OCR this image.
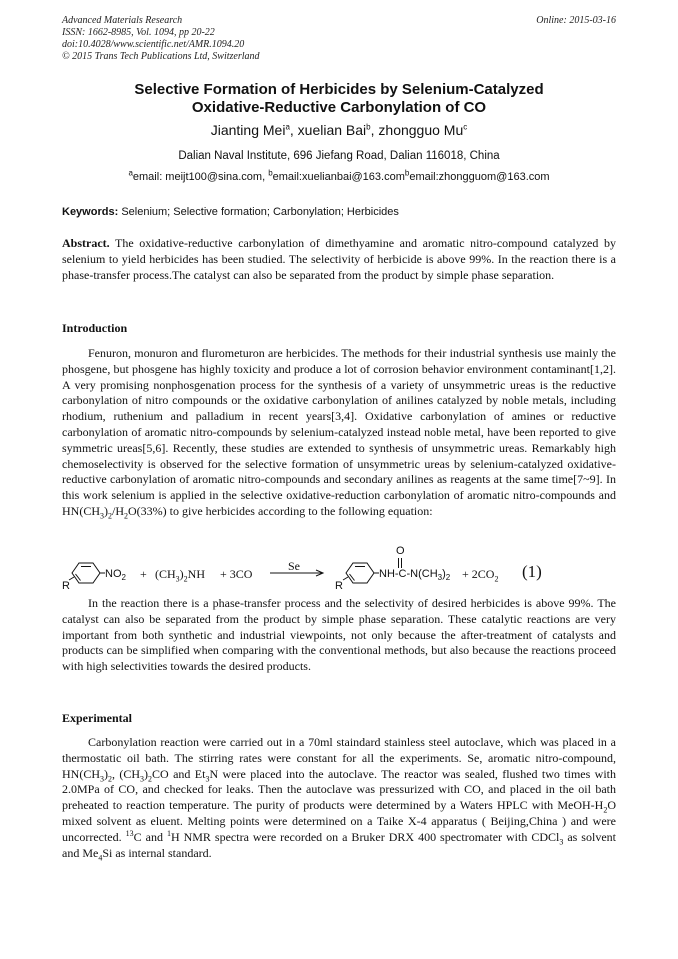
Advanced Materials Research
ISSN: 1662-8985, Vol. 1094, pp 20-22
doi:10.4028/www.scientific.net/AMR.1094.20
© 2015 Trans Tech Publications Ltd, Switzerland
Online: 2015-03-16
Selective Formation of Herbicides by Selenium-Catalyzed
Oxidative-Reductive Carbonylation of CO
Jianting Mei$^a$, xuelian Bai$^b$, zhongguo Mu$^c$
Dalian Naval Institute, 696 Jiefang Road, Dalian 116018, China
$^a$email: meijt100@sina.com, $^b$email:xuelianbai@163.com$^b$email:zhongguom@163.com
Keywords: Selenium; Selective formation; Carbonylation; Herbicides

Abstract. The oxidative-reductive carbonylation of dimethyamine and aromatic nitro-compound catalyzed by selenium to yield herbicides has been studied. The selectivity of herbicide is above 99%. In the reaction there is a phase-transfer process.The catalyst can also be separated from the product by simple phase separation.

Introduction

Fenuron, monuron and flurometuron are herbicides. The methods for their industrial synthesis use mainly the phosgene, but phosgene has highly toxicity and produce a lot of corrosion behavior environment contaminant[1,2]. A very promising nonphosgenation process for the synthesis of a variety of unsymmetric ureas is the reductive carbonylation of nitro compounds or the oxidative carbonylation of anilines catalyzed by noble metals, including rhodium, ruthenium and palladium in recent years[3,4]. Oxidative carbonylation of amines or reductive carbonylation of aromatic nitro-compounds by selenium-catalyzed instead noble metal, have been reported to give symmetric ureas[5,6]. Recently, these studies are extended to synthesis of unsymmetric ureas. Remarkably high chemoselectivity is observed for the selective formation of unsymmetric ureas by selenium-catalyzed oxidative-reductive carbonylation of aromatic nitro-compounds and secondary anilines as reagents at the same time[7~9]. In this work selenium is applied in the selective oxidative-reduction carbonylation of aromatic nitro-compounds and $HN(CH_3)_2/H_2O(33\%)$ to give herbicides according to the following equation:

R
$NO_2 + (CH_3)_2NH + 3CO$
Se
R
O
$NH-C-N(CH_3)_2 + 2CO_2$ (1)

In the reaction there is a phase-transfer process and the selectivity of desired herbicides is above 99%. The catalyst can also be separated from the product by simple phase separation. These catalytic reactions are very important from both synthetic and industrial viewpoints, not only because the after-treatment of catalysts and products can be simplified when comparing with the conventional methods, but also because the reactions proceed with high selectivities towards the desired products.

Experimental

Carbonylation reaction were carried out in a 70ml staindard stainless steel autoclave, which was placed in a thermostatic oil bath. The stirring rates were constant for all the experiments. Se, aromatic nitro-compound, $HN(CH_3)_2$, $(CH_3)_2CO$ and $Et_3N$ were placed into the autoclave. The reactor was sealed, flushed two times with 2.0MPa of CO, and checked for leaks. Then the autoclave was pressurized with CO, and placed in the oil bath preheated to reaction temperature. The purity of products were determined by a Waters HPLC with MeOH-$H_2O$ mixed solvent as eluent. Melting points were determined on a Taike X-4 apparatus ( Beijing,China ) and were uncorrected. $^{13}$C and $^1$H NMR spectra were recorded on a Bruker DRX 400 spectromater with CDCl$_3$ as solvent and $Me_4Si$ as internal standard.
